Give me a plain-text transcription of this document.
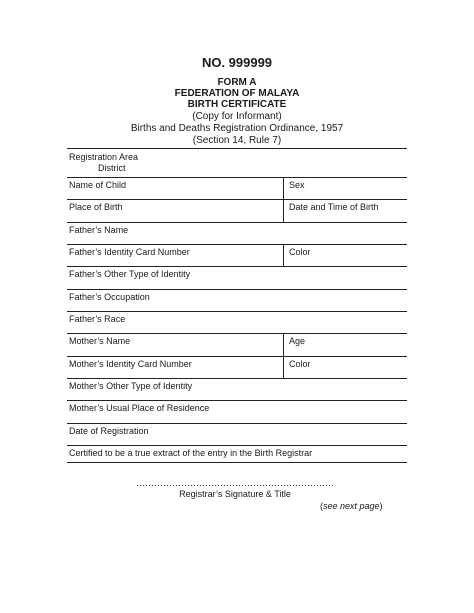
NO. 999999
FORM A
FEDERATION OF MALAYA
BIRTH CERTIFICATE
(Copy for Informant)
Births and Deaths Registration Ordinance, 1957
(Section 14, Rule 7)
Registration Area
District
Name of Child	Sex
Place of Birth	Date and Time of Birth
Father’s Name
Father’s Identity Card Number	Color
Father’s Other Type of Identity
Father’s Occupation
Father’s Race
Mother’s Name	Age
Mother’s Identity Card Number	Color
Mother’s Other Type of Identity
Mother’s Usual Place of Residence
Date of Registration
Certified to be a true extract of the entry in the Birth Registrar
…………………………………………………………
Registrar’s Signature & Title
(see next page)
